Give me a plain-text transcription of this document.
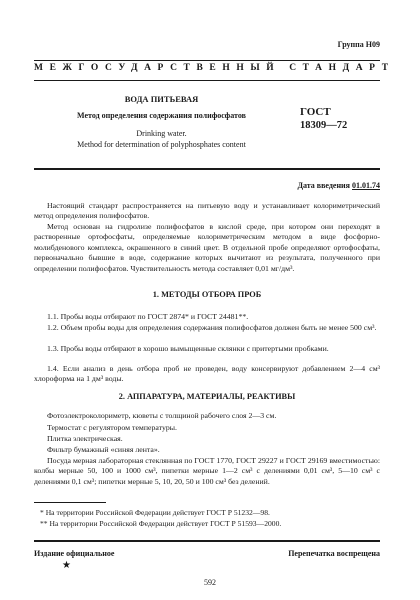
Группа Н09
МЕЖГОСУДАРСТВЕННЫЙ СТАНДАРТ
ВОДА ПИТЬЕВАЯ
Метод определения содержания полифосфатов
Drinking water.
Method for determination of polyphosphates content
ГОСТ
18309—72
Дата введения 01.01.74
Настоящий стандарт распространяется на питьевую воду и устанавливает колориметрический метод определения полифосфатов.
Метод основан на гидролизе полифосфатов в кислой среде, при котором они переходят в растворенные ортофосфаты, определяемые колориметрическим методом в виде фосфорно-молибденового комплекса, окрашенного в синий цвет. В отдельной пробе определяют ортофосфаты, первоначально бывшие в воде, содержание которых вычитают из результата, полученного при определении полифосфатов. Чувствительность метода составляет 0,01 мг/дм³.
1. МЕТОДЫ ОТБОРА ПРОБ
1.1. Пробы воды отбирают по ГОСТ 2874* и ГОСТ 24481**.
1.2. Объем пробы воды для определения содержания полифосфатов должен быть не менее 500 см³.
1.3. Пробы воды отбирают в хорошо вымыщенные склянки с притертыми пробками.
1.4. Если анализ в день отбора проб не проведен, воду консервируют добавлением 2—4 см³ хлороформа на 1 дм³ воды.
2. АППАРАТУРА, МАТЕРИАЛЫ, РЕАКТИВЫ
Фотоэлектроколориметр, кюветы с толщиной рабочего слоя 2—3 см.
Термостат с регулятором температуры.
Плитка электрическая.
Фильтр бумажный «синяя лента».
Посуда мерная лабораторная стеклянная по ГОСТ 1770, ГОСТ 29227 и ГОСТ 29169 вместимостью: колбы мерные 50, 100 и 1000 см³, пипетки мерные 1—2 см³ с делениями 0,01 см³, 5—10 см³ с делениями 0,1 см³; пипетки мерные 5, 10, 20, 50 и 100 см³ без делений.
* На территории Российской Федерации действует ГОСТ Р 51232—98.
** На территории Российской Федерации действует ГОСТ Р 51593—2000.
Издание официальное	Перепечатка воспрещена
★
592
